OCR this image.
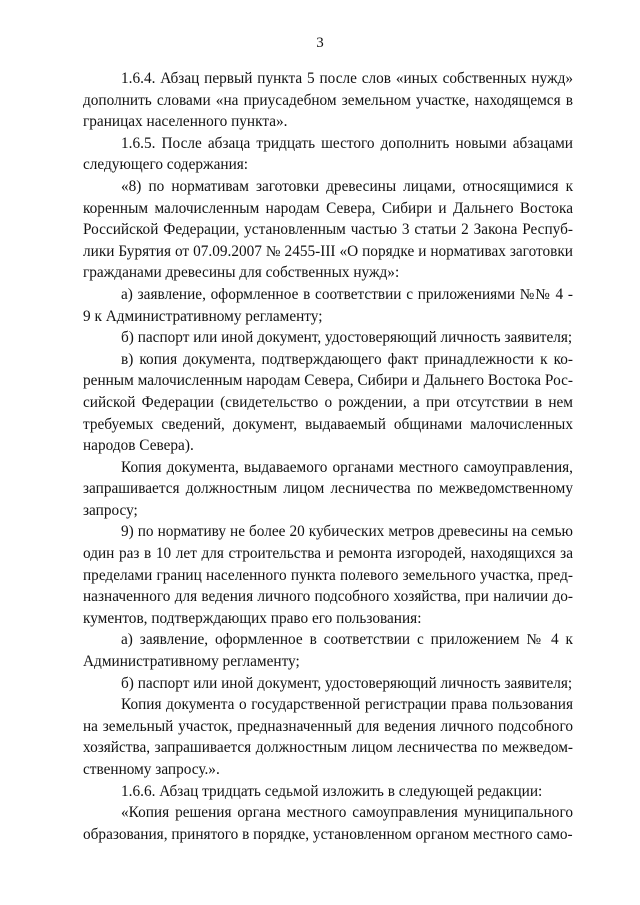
3

1.6.4. Абзац первый пункта 5 после слов «иных собственных нужд» дополнить словами «на приусадебном земельном участке, находящемся в границах населенного пункта».

1.6.5. После абзаца тридцать шестого дополнить новыми абзацами следующего содержания:

«8) по нормативам заготовки древесины лицами, относящимися к коренным малочисленным народам Севера, Сибири и Дальнего Востока Российской Федерации, установленным частью 3 статьи 2 Закона Республики Бурятия от 07.09.2007 № 2455-III «О порядке и нормативах заготовки гражданами древесины для собственных нужд»:

а) заявление, оформленное в соответствии с приложениями №№ 4 - 9 к Административному регламенту;

б) паспорт или иной документ, удостоверяющий личность заявителя;

в) копия документа, подтверждающего факт принадлежности к коренным малочисленным народам Севера, Сибири и Дальнего Востока Российской Федерации (свидетельство о рождении, а при отсутствии в нем требуемых сведений, документ, выдаваемый общинами малочисленных народов Севера).

Копия документа, выдаваемого органами местного самоуправления, запрашивается должностным лицом лесничества по межведомственному запросу;

9) по нормативу не более 20 кубических метров древесины на семью один раз в 10 лет для строительства и ремонта изгородей, находящихся за пределами границ населенного пункта полевого земельного участка, предназначенного для ведения личного подсобного хозяйства, при наличии документов, подтверждающих право его пользования:

а) заявление, оформленное в соответствии с приложением № 4 к Административному регламенту;

б) паспорт или иной документ, удостоверяющий личность заявителя;

Копия документа о государственной регистрации права пользования на земельный участок, предназначенный для ведения личного подсобного хозяйства, запрашивается должностным лицом лесничества по межведомственному запросу.».

1.6.6. Абзац тридцать седьмой изложить в следующей редакции:

«Копия решения органа местного самоуправления муниципального образования, принятого в порядке, установленном органом местного само-
